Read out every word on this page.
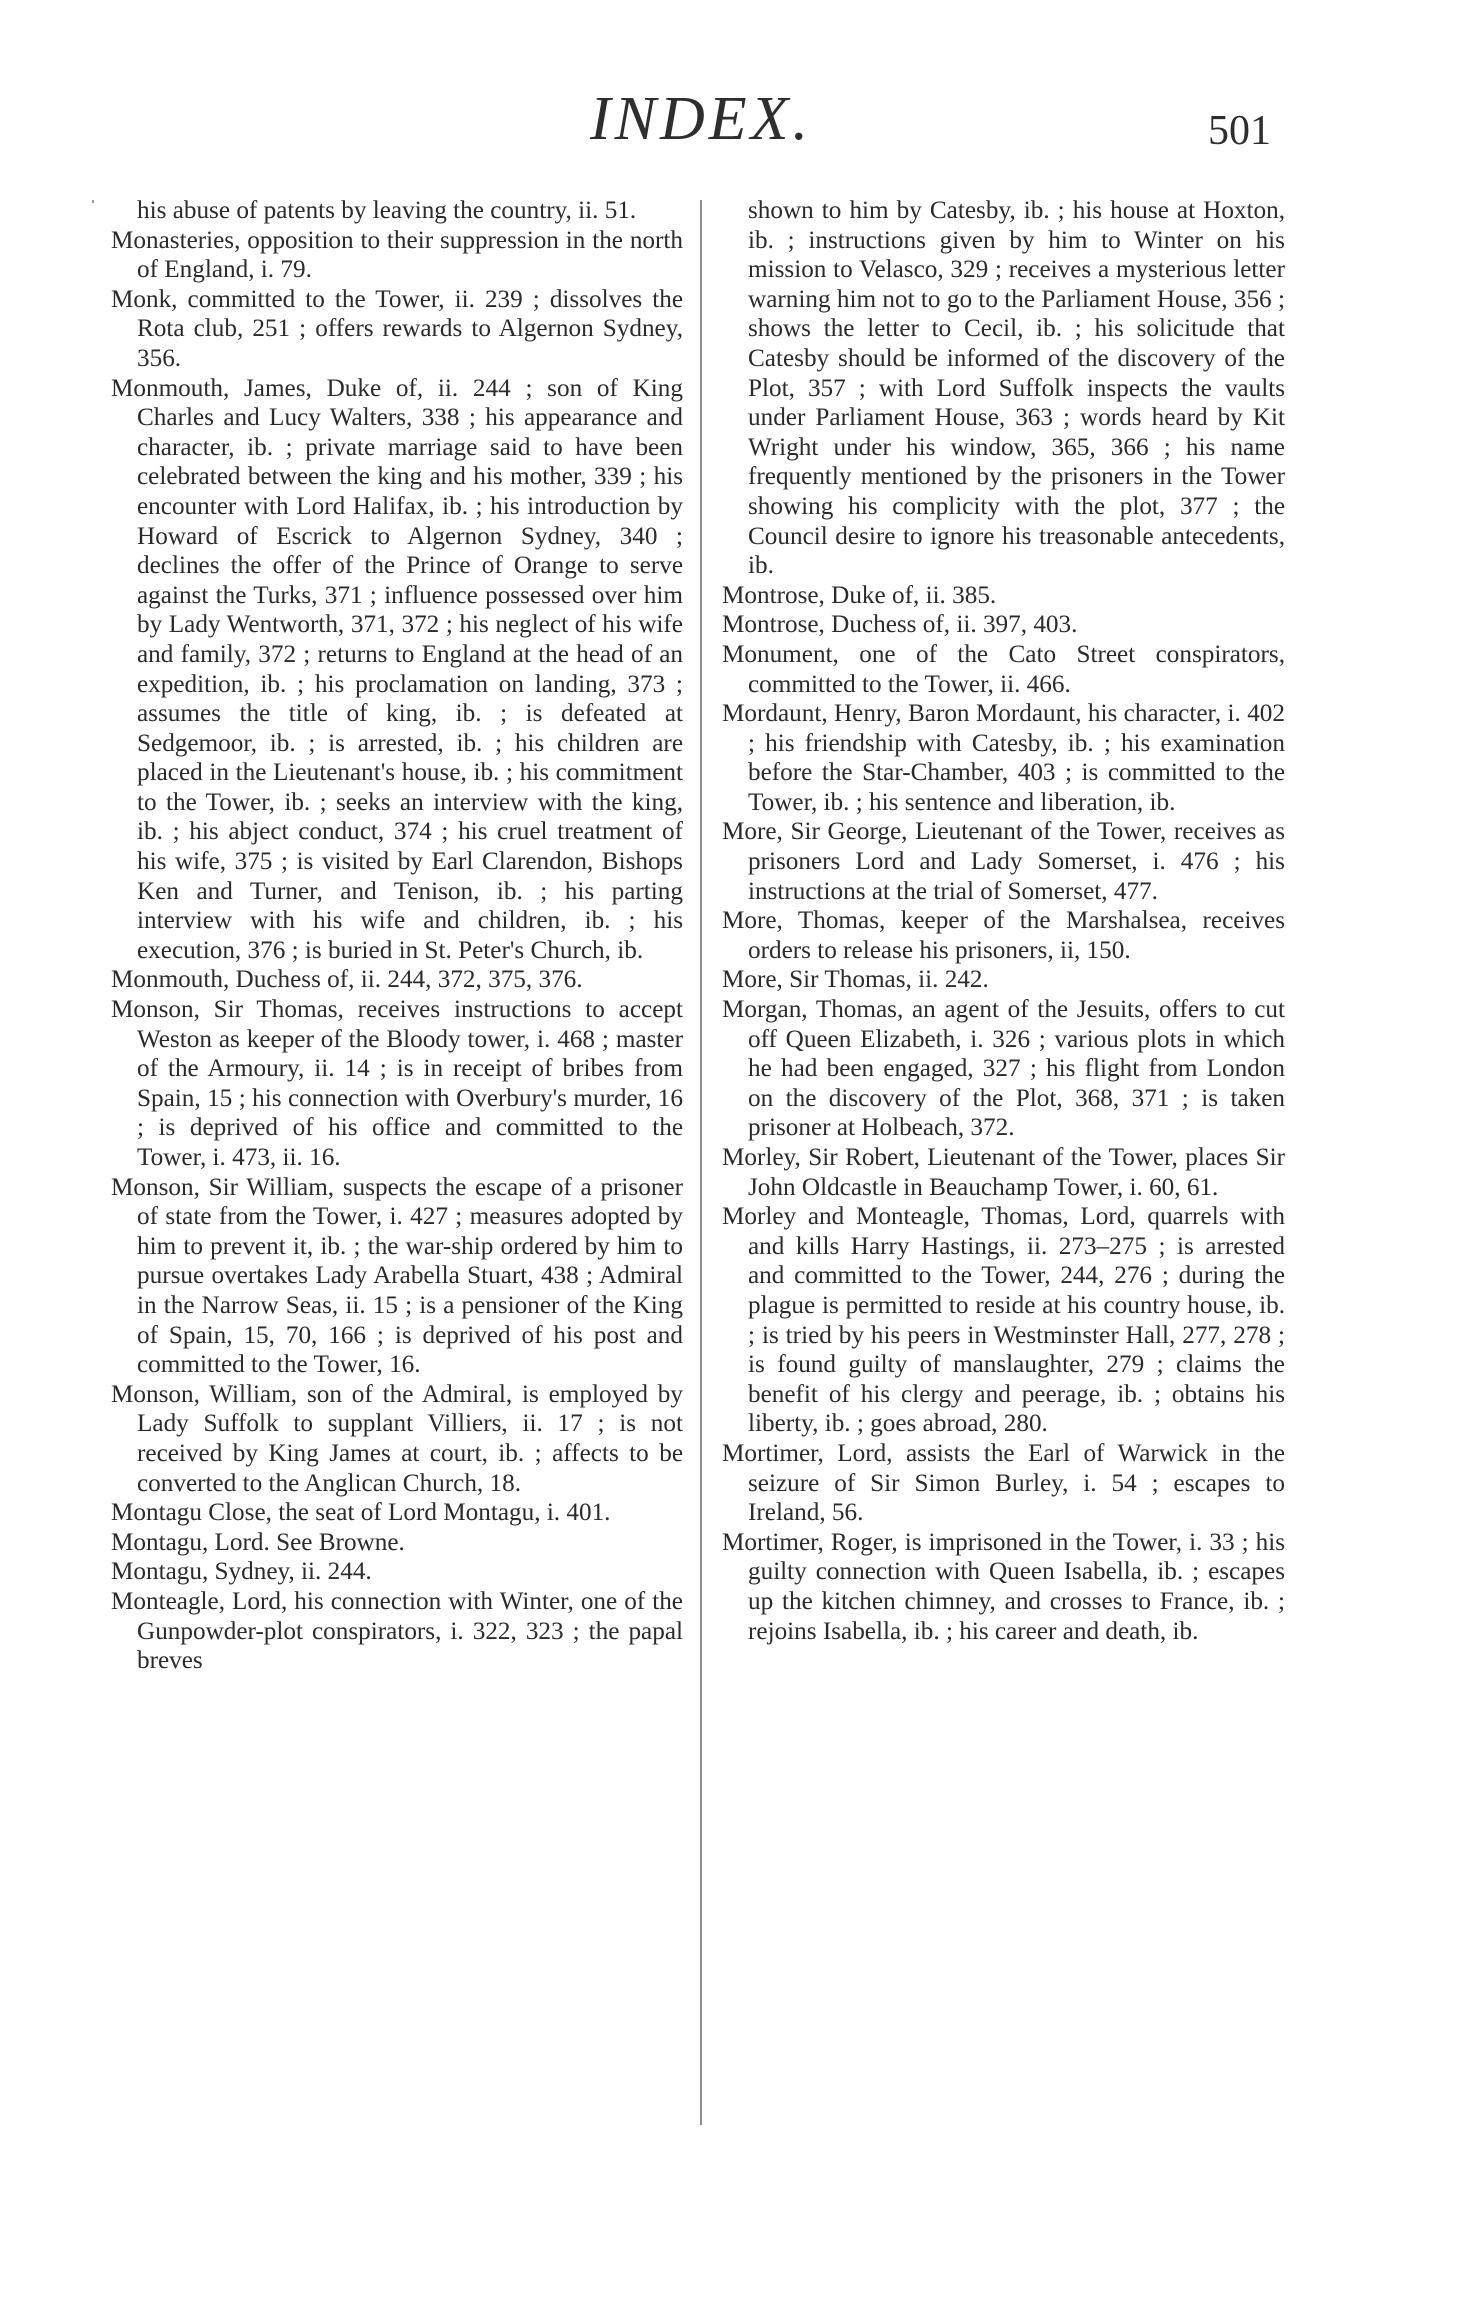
INDEX.	501

his abuse of patents by leaving the country, ii. 51.

Monasteries, opposition to their suppression in the north of England, i. 79.

Monk, committed to the Tower, ii. 239 ; dissolves the Rota club, 251 ; offers rewards to Algernon Sydney, 356.

Monmouth, James, Duke of, ii. 244 ; son of King Charles and Lucy Walters, 338 ; his appearance and character, ib. ; private marriage said to have been celebrated between the king and his mother, 339 ; his encounter with Lord Halifax, ib. ; his introduction by Howard of Escrick to Algernon Sydney, 340 ; declines the offer of the Prince of Orange to serve against the Turks, 371 ; influence possessed over him by Lady Wentworth, 371, 372 ; his neglect of his wife and family, 372 ; returns to England at the head of an expedition, ib. ; his proclamation on landing, 373 ; assumes the title of king, ib. ; is defeated at Sedgemoor, ib. ; is arrested, ib. ; his children are placed in the Lieutenant's house, ib. ; his commitment to the Tower, ib. ; seeks an interview with the king, ib. ; his abject conduct, 374 ; his cruel treatment of his wife, 375 ; is visited by Earl Clarendon, Bishops Ken and Turner, and Tenison, ib. ; his parting interview with his wife and children, ib. ; his execution, 376 ; is buried in St. Peter's Church, ib.

Monmouth, Duchess of, ii. 244, 372, 375, 376.

Monson, Sir Thomas, receives instructions to accept Weston as keeper of the Bloody tower, i. 468 ; master of the Armoury, ii. 14 ; is in receipt of bribes from Spain, 15 ; his connection with Overbury's murder, 16 ; is deprived of his office and committed to the Tower, i. 473, ii. 16.

Monson, Sir William, suspects the escape of a prisoner of state from the Tower, i. 427 ; measures adopted by him to prevent it, ib. ; the war-ship ordered by him to pursue overtakes Lady Arabella Stuart, 438 ; Admiral in the Narrow Seas, ii. 15 ; is a pensioner of the King of Spain, 15, 70, 166 ; is deprived of his post and committed to the Tower, 16.

Monson, William, son of the Admiral, is employed by Lady Suffolk to supplant Villiers, ii. 17 ; is not received by King James at court, ib. ; affects to be converted to the Anglican Church, 18.

Montagu Close, the seat of Lord Montagu, i. 401.

Montagu, Lord. See Browne.

Montagu, Sydney, ii. 244.

Monteagle, Lord, his connection with Winter, one of the Gunpowder-plot conspirators, i. 322, 323 ; the papal breves

shown to him by Catesby, ib. ; his house at Hoxton, ib. ; instructions given by him to Winter on his mission to Velasco, 329 ; receives a mysterious letter warning him not to go to the Parliament House, 356 ; shows the letter to Cecil, ib. ; his solicitude that Catesby should be informed of the discovery of the Plot, 357 ; with Lord Suffolk inspects the vaults under Parliament House, 363 ; words heard by Kit Wright under his window, 365, 366 ; his name frequently mentioned by the prisoners in the Tower showing his complicity with the plot, 377 ; the Council desire to ignore his treasonable antecedents, ib.

Montrose, Duke of, ii. 385.

Montrose, Duchess of, ii. 397, 403.

Monument, one of the Cato Street conspirators, committed to the Tower, ii. 466.

Mordaunt, Henry, Baron Mordaunt, his character, i. 402 ; his friendship with Catesby, ib. ; his examination before the Star-Chamber, 403 ; is committed to the Tower, ib. ; his sentence and liberation, ib.

More, Sir George, Lieutenant of the Tower, receives as prisoners Lord and Lady Somerset, i. 476 ; his instructions at the trial of Somerset, 477.

More, Thomas, keeper of the Marshalsea, receives orders to release his prisoners, ii, 150.

More, Sir Thomas, ii. 242.

Morgan, Thomas, an agent of the Jesuits, offers to cut off Queen Elizabeth, i. 326 ; various plots in which he had been engaged, 327 ; his flight from London on the discovery of the Plot, 368, 371 ; is taken prisoner at Holbeach, 372.

Morley, Sir Robert, Lieutenant of the Tower, places Sir John Oldcastle in Beauchamp Tower, i. 60, 61.

Morley and Monteagle, Thomas, Lord, quarrels with and kills Harry Hastings, ii. 273–275 ; is arrested and committed to the Tower, 244, 276 ; during the plague is permitted to reside at his country house, ib. ; is tried by his peers in Westminster Hall, 277, 278 ; is found guilty of manslaughter, 279 ; claims the benefit of his clergy and peerage, ib. ; obtains his liberty, ib. ; goes abroad, 280.

Mortimer, Lord, assists the Earl of Warwick in the seizure of Sir Simon Burley, i. 54 ; escapes to Ireland, 56.

Mortimer, Roger, is imprisoned in the Tower, i. 33 ; his guilty connection with Queen Isabella, ib. ; escapes up the kitchen chimney, and crosses to France, ib. ; rejoins Isabella, ib. ; his career and death, ib.
